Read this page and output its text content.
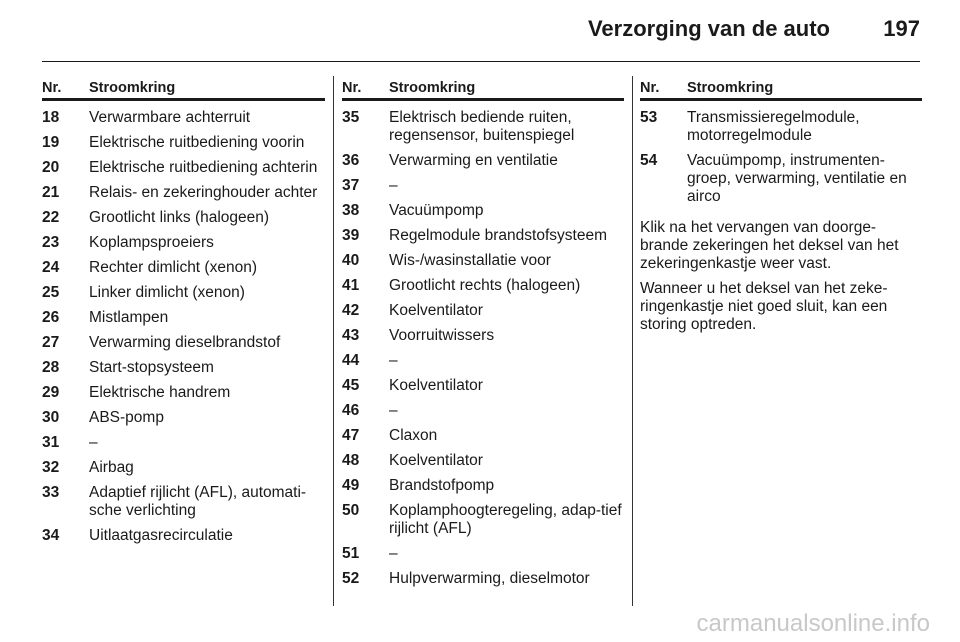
Verzorging van de auto 197
Nr.	Stroomkring
18	Verwarmbare achterruit
19	Elektrische ruitbediening voorin
20	Elektrische ruitbediening achterin
21	Relais- en zekeringhouder achter
22	Grootlicht links (halogeen)
23	Koplampsproeiers
24	Rechter dimlicht (xenon)
25	Linker dimlicht (xenon)
26	Mistlampen
27	Verwarming dieselbrandstof
28	Start-stopsysteem
29	Elektrische handrem
30	ABS-pomp
31	–
32	Airbag
33	Adaptief rijlicht (AFL), automati-sche verlichting
34	Uitlaatgasrecirculatie
Nr.	Stroomkring
35	Elektrisch bediende ruiten, regensensor, buitenspiegel
36	Verwarming en ventilatie
37	–
38	Vacuümpomp
39	Regelmodule brandstofsysteem
40	Wis-/wasinstallatie voor
41	Grootlicht rechts (halogeen)
42	Koelventilator
43	Voorruitwissers
44	–
45	Koelventilator
46	–
47	Claxon
48	Koelventilator
49	Brandstofpomp
50	Koplamphoogteregeling, adap-tief rijlicht (AFL)
51	–
52	Hulpverwarming, dieselmotor
Nr.	Stroomkring
53	Transmissieregelmodule, motorregelmodule
54	Vacuümpomp, instrumenten-groep, verwarming, ventilatie en airco

Klik na het vervangen van doorge-brande zekeringen het deksel van het zekeringenkastje weer vast.

Wanneer u het deksel van het zeke-ringenkastje niet goed sluit, kan een storing optreden.

carmanualsonline.info
